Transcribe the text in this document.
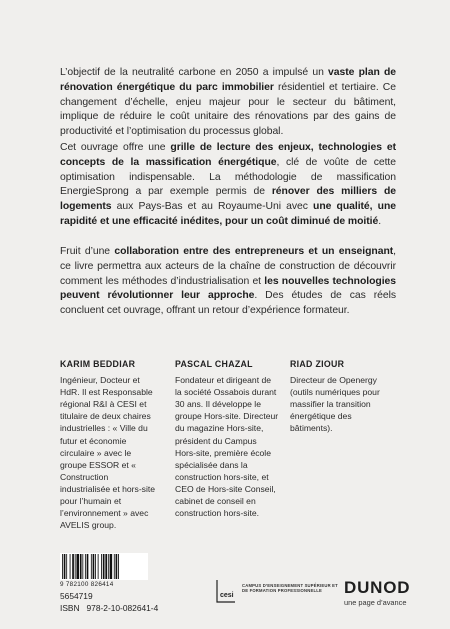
L’objectif de la neutralité carbone en 2050 a impulsé un vaste plan de rénovation énergétique du parc immobilier résidentiel et tertiaire. Ce changement d’échelle, enjeu majeur pour le secteur du bâtiment, implique de réduire le coût unitaire des rénovations par des gains de productivité et l’optimisation du processus global.
Cet ouvrage offre une grille de lecture des enjeux, technologies et concepts de la massification énergétique, clé de voûte de cette optimisation indispensable. La méthodologie de massification EnergieSprong a par exemple permis de rénover des milliers de logements aux Pays-Bas et au Royaume-Uni avec une qualité, une rapidité et une efficacité inédites, pour un coût diminué de moitié.
Fruit d’une collaboration entre des entrepreneurs et un enseignant, ce livre permettra aux acteurs de la chaîne de construction de découvrir comment les méthodes d’industrialisation et les nouvelles technologies peuvent révolutionner leur approche. Des études de cas réels concluent cet ouvrage, offrant un retour d’expérience formateur.
KARIM BEDDIAR
Ingénieur, Docteur et HdR. Il est Responsable régional R&I à CESI et titulaire de deux chaires industrielles : « Ville du futur et économie circulaire » avec le groupe ESSOR et « Construction industrialisée et hors-site pour l’humain et l’environnement » avec AVELIS group.
PASCAL CHAZAL
Fondateur et dirigeant de la société Ossabois durant 30 ans. Il développe le groupe Hors-site. Directeur du magazine Hors-site, président du Campus Hors-site, première école spécialisée dans la construction hors-site, et CEO de Hors-site Conseil, cabinet de conseil en construction hors-site.
RIAD ZIOUR
Directeur de Openergy (outils numériques pour massifier la transition énergétique des bâtiments).
9 782100 826414
5654719
ISBN   978-2-10-082641-4
cesi
CAMPUS D’ENSEIGNEMENT SUPÉRIEUR ET DE FORMATION PROFESSIONNELLE	DUNOD
une page d’avance
